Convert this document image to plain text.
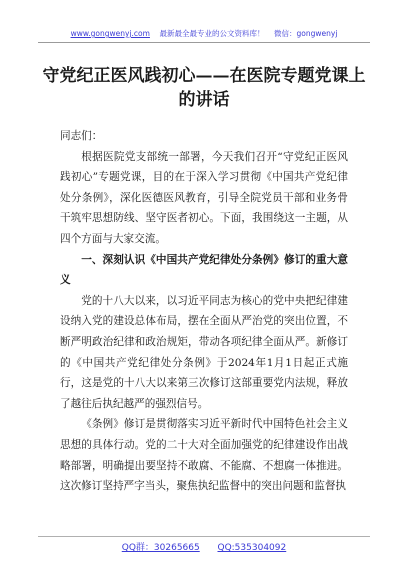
www.gongwenyj.com 最新最全最专业的公文资料库！ 微信：gongwenyj
守党纪正医风践初心——在医院专题党课上的讲话

同志们：

根据医院党支部统一部署，今天我们召开“守党纪正医风践初心”专题党课，目的在于深入学习贯彻《中国共产党纪律处分条例》，深化医德医风教育，引导全院党员干部和业务骨干筑牢思想防线、坚守医者初心。下面，我围绕这一主题，从四个方面与大家交流。

一、深刻认识《中国共产党纪律处分条例》修订的重大意义

党的十八大以来，以习近平同志为核心的党中央把纪律建设纳入党的建设总体布局，摆在全面从严治党的突出位置，不断严明政治纪律和政治规矩，带动各项纪律全面从严。新修订的《中国共产党纪律处分条例》于2024年1月1日起正式施行，这是党的十八大以来第三次修订这部重要党内法规，释放了越往后执纪越严的强烈信号。

《条例》修订是贯彻落实习近平新时代中国特色社会主义思想的具体行动。党的二十大对全面加强党的纪律建设作出战略部署，明确提出要坚持不敢腐、不能腐、不想腐一体推进。这次修订坚持严字当头，聚焦执纪监督中的突出问题和监督执

QQ群：30265665 QQ:535304092
